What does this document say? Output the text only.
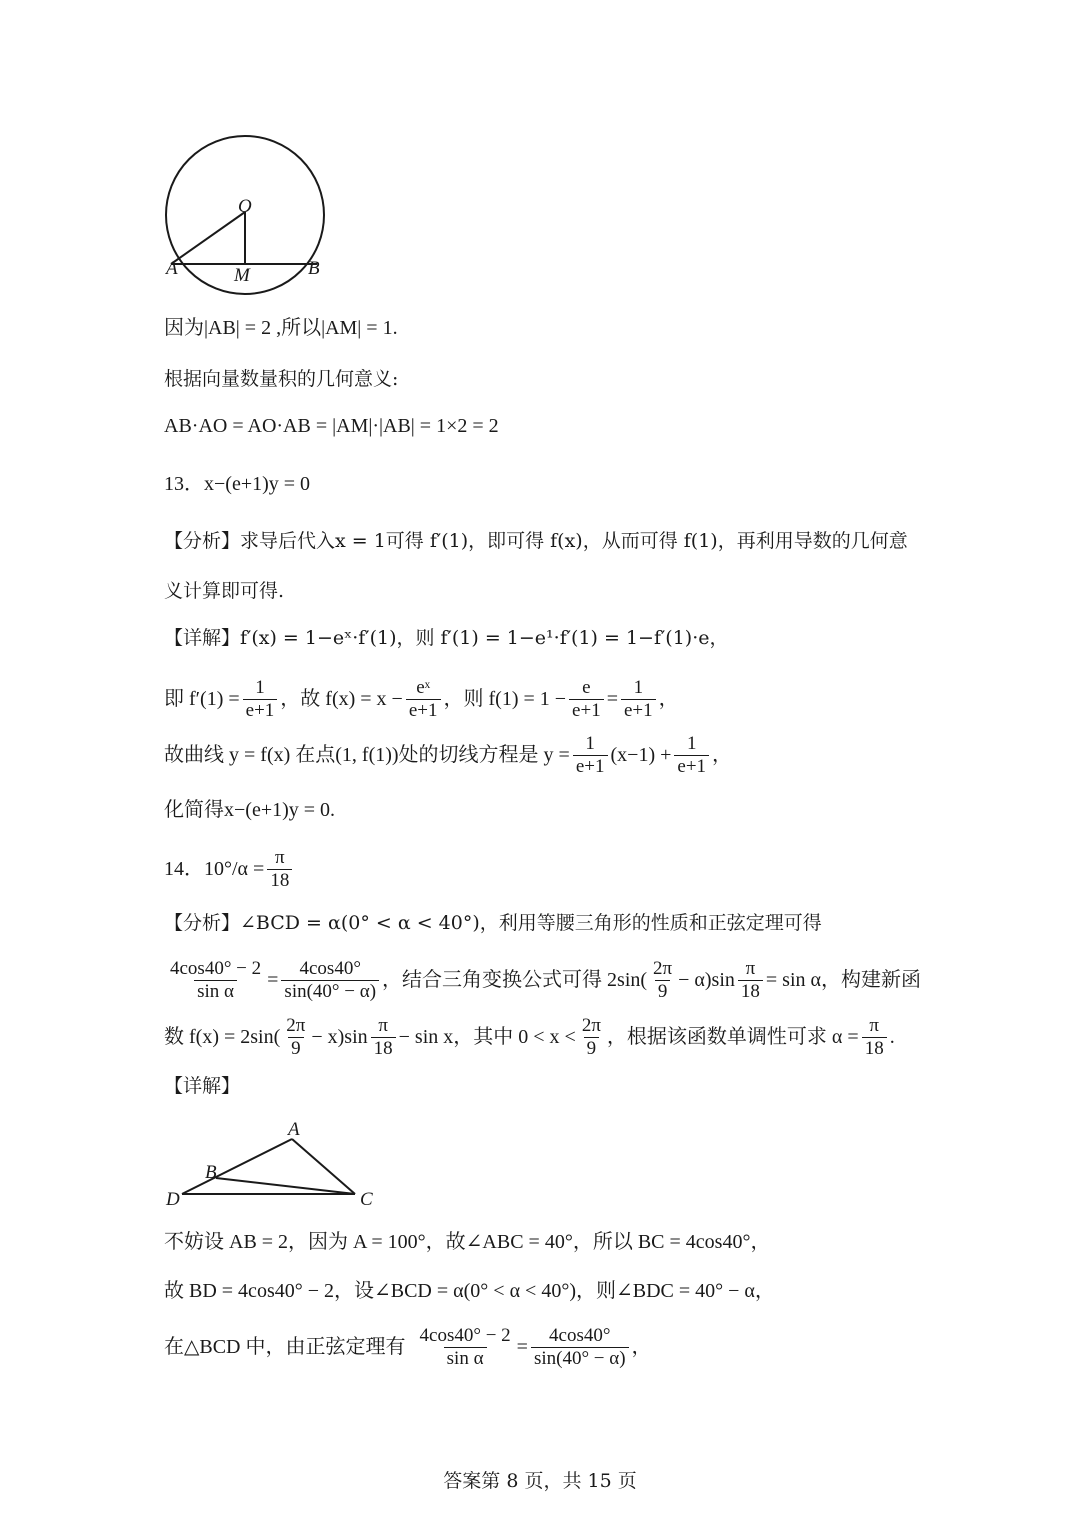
O
A	M	B
因为|AB| = 2 ,所以|AM| = 1.
根据向量数量积的几何意义:
AB·AO = AO·AB = |AM|·|AB| = 1×2 = 2
13．x−(e+1)y = 0
【分析】求导后代入x = 1可得 f′(1)，即可得 f(x)，从而可得 f(1)，再利用导数的几何意
义计算即可得.
【详解】f′(x) = 1−eˣ·f′(1)，则 f′(1) = 1−e¹·f′(1) = 1−f′(1)·e，
即 $f'(1) = \frac{1}{e+1}$ ，故 $f(x) = x - \frac{\text{eˣ}}{e+1}$ ，则 $f(1) = 1 - \frac{e}{e+1} = \frac{1}{e+1}$ ，
故曲线 y = f(x) 在点(1, f(1))处的切线方程是 $y = \frac{1}{e+1} (x-1) + \frac{1}{e+1}$ ，
化简得x−(e+1)y = 0.
14．$10^\circ/\alpha = \frac{\pi}{18}$
【分析】∠BCD = α(0° < α < 40°)，利用等腰三角形的性质和正弦定理可得
$\frac{4\cos 40^\circ - 2}{\text{sin α}} = \frac{4\cos 40^\circ}{\sin(40^\circ - \alpha)}$ ，结合三角变换公式可得 $2\sin( \frac{2\pi}{9} - \alpha)\sin \frac{\pi}{18} = \sin \alpha$，构建新函
数 $f(x) = 2\sin( \frac{2\pi}{9} - x)\sin \frac{\pi}{18} - \sin x$，其中 $0 < x < \frac{2\pi}{9}$ ，根据该函数单调性可求 $\alpha = \frac{\pi}{18}$ .
【详解】
A
B
C
D
不妨设 AB = 2，因为 A = 100°，故∠ABC = 40°，所以 BC = 4cos40°，
故 BD = 4cos40° − 2，设∠BCD = α(0° < α < 40°)，则∠BDC = 40° − α，
在△BCD 中，由正弦定理有 $\frac{4\cos 40^\circ - 2}{\text{sin α}} = \frac{4\cos 40^\circ}{\sin(40^\circ - \alpha)}$ ，
答案第 8 页，共 15 页
